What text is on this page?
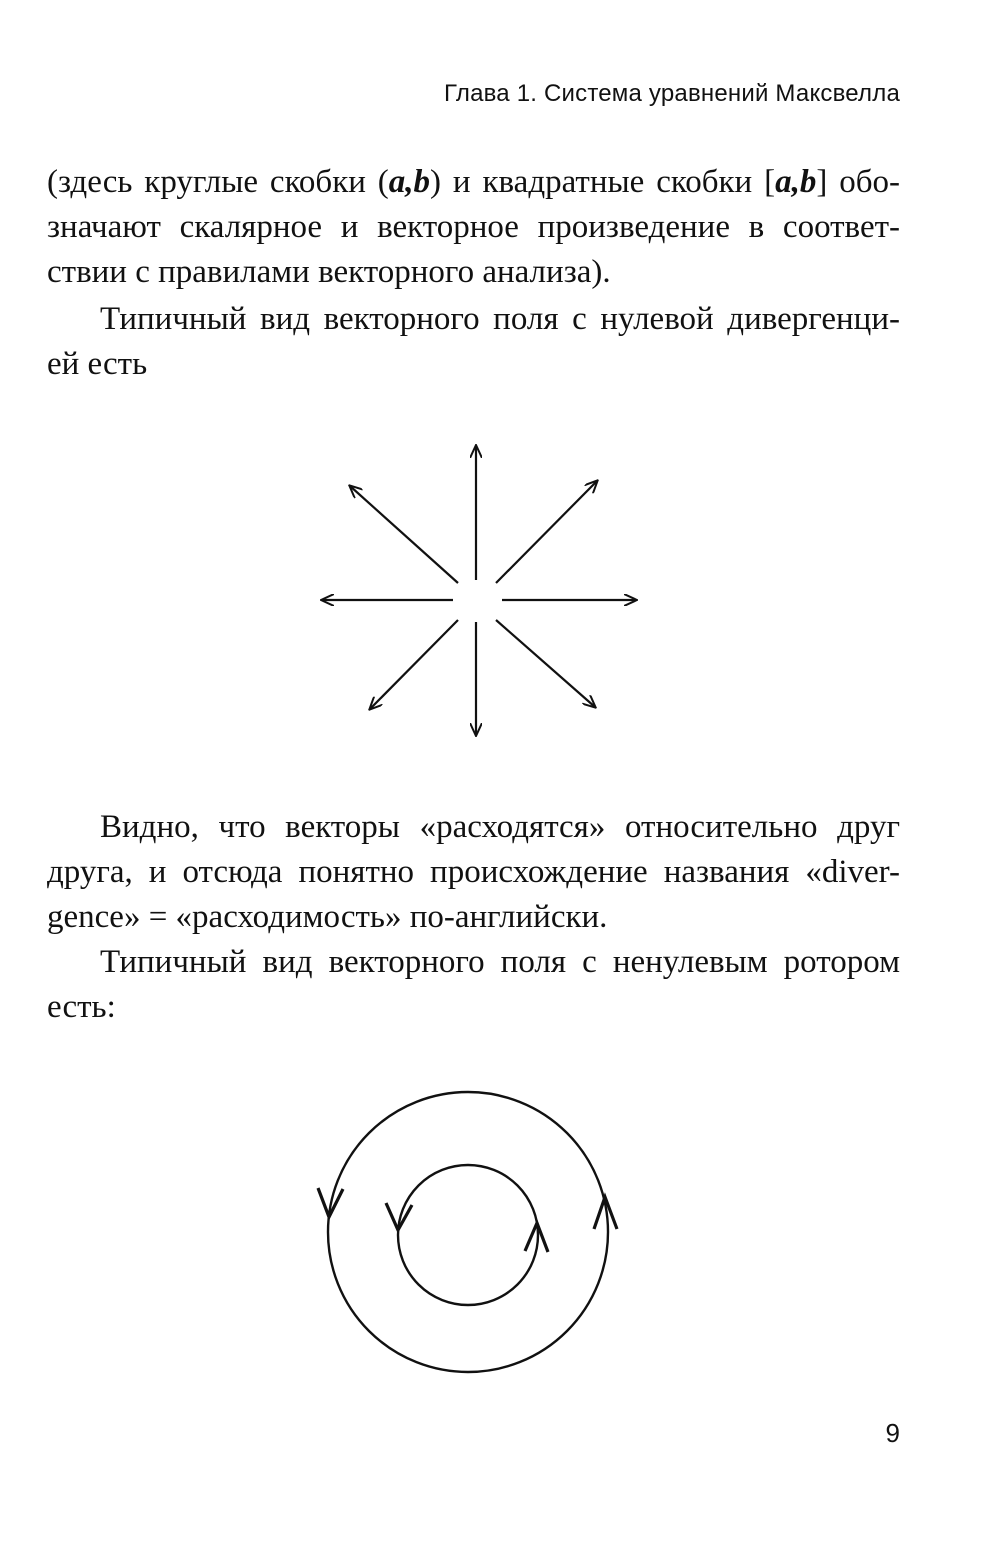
Глава 1. Система уравнений Максвелла

(здесь круглые скобки (a,b) и квадратные скобки [a,b] обо-
значают скалярное и векторное произведение в соответ-
ствии с правилами векторного анализа).

Типичный вид векторного поля с нулевой дивергенци-
ей есть

Видно, что векторы «расходятся» относительно друг
друга, и отсюда понятно происхождение названия «diver-
gence» = «расходимость» по-английски.

Типичный вид векторного поля с ненулевым ротором
есть:

9
